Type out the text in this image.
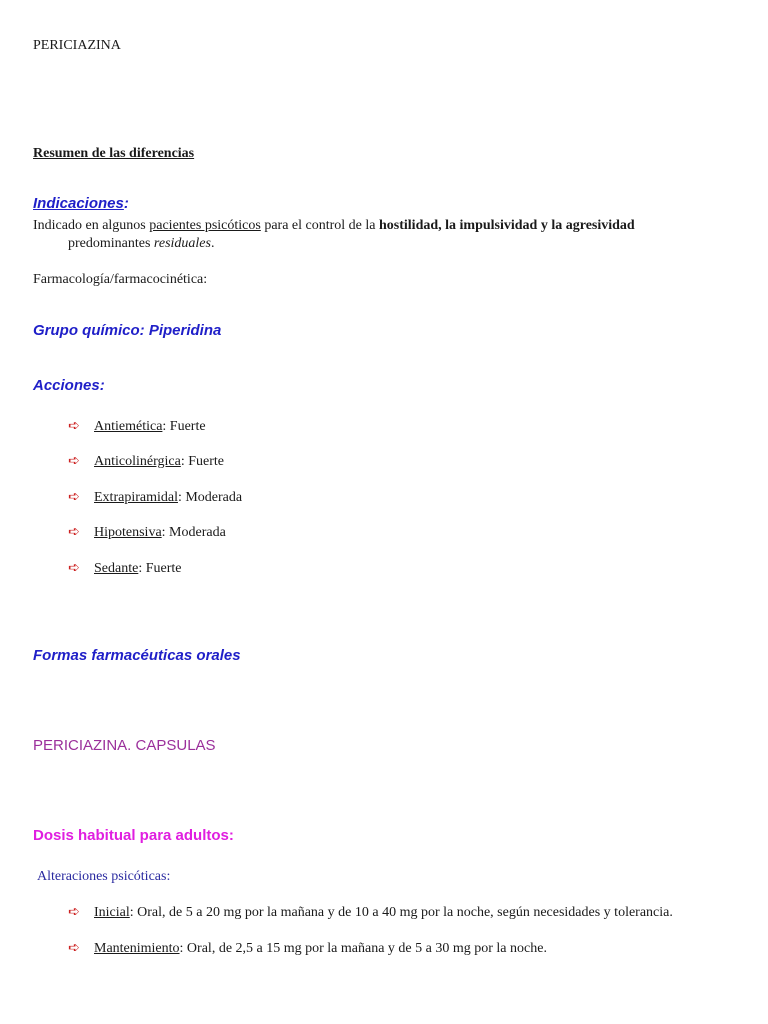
PERICIAZINA
Resumen de las diferencias
Indicaciones:
Indicado en algunos pacientes psicóticos para el control de la hostilidad, la impulsividad y la agresividad
predominantes residuales.
Farmacología/farmacocinética:
Grupo químico: Piperidina
Acciones:
➪ Antiemética: Fuerte
➪ Anticolinérgica: Fuerte
➪ Extrapiramidal: Moderada
➪ Hipotensiva: Moderada
➪ Sedante: Fuerte
Formas farmacéuticas orales
PERICIAZINA. CAPSULAS
Dosis habitual para adultos:
Alteraciones psicóticas:
➪ Inicial: Oral, de 5 a 20 mg por la mañana y de 10 a 40 mg por la noche, según necesidades y tolerancia.
➪ Mantenimiento: Oral, de 2,5 a 15 mg por la mañana y de 5 a 30 mg por la noche.
